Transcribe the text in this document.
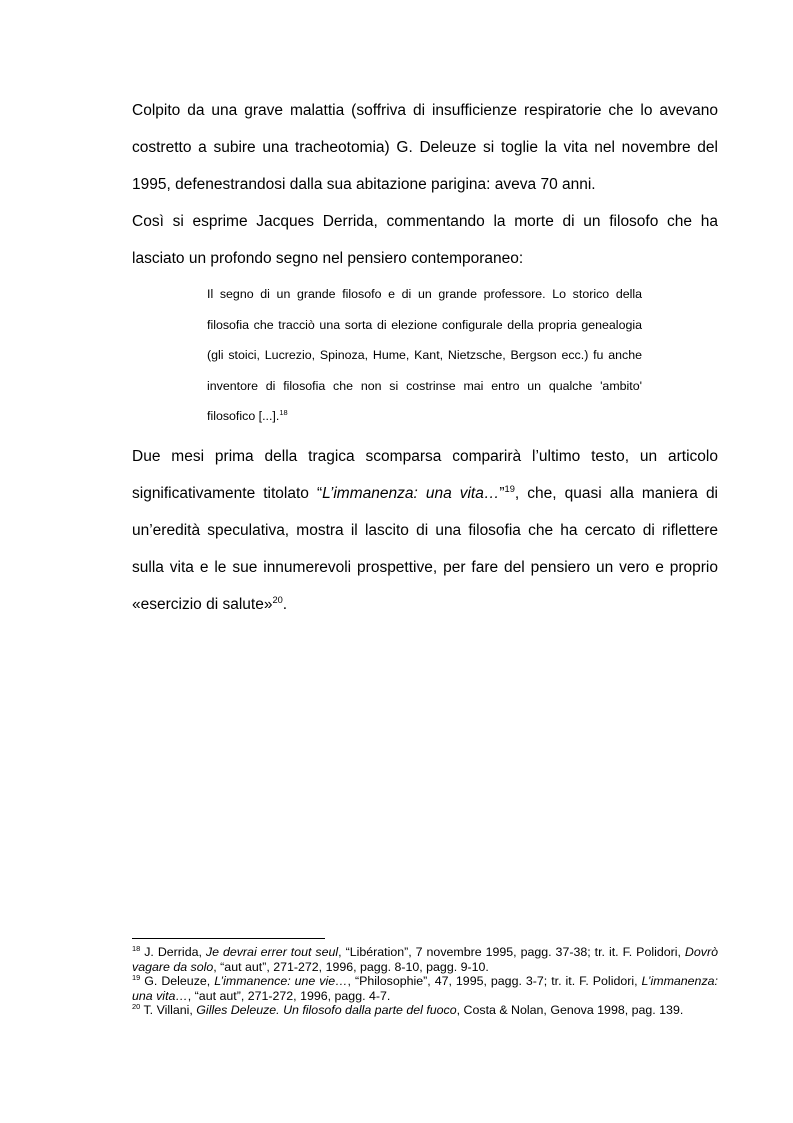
Colpito da una grave malattia (soffriva di insufficienze respiratorie che lo avevano costretto a subire una tracheotomia) G. Deleuze si toglie la vita nel novembre del 1995, defenestrandosi dalla sua abitazione parigina: aveva 70 anni.

Così si esprime Jacques Derrida, commentando la morte di un filosofo che ha lasciato un profondo segno nel pensiero contemporaneo:

Il segno di un grande filosofo e di un grande professore. Lo storico della filosofia che tracciò una sorta di elezione configurale della propria genealogia (gli stoici, Lucrezio, Spinoza, Hume, Kant, Nietzsche, Bergson ecc.) fu anche inventore di filosofia che non si costrinse mai entro un qualche 'ambito' filosofico [...].$^{18}$

Due mesi prima della tragica scomparsa comparirà l’ultimo testo, un articolo significativamente titolato “L’immanenza: una vita…”$^{19}$, che, quasi alla maniera di un’eredità speculativa, mostra il lascito di una filosofia che ha cercato di riflettere sulla vita e le sue innumerevoli prospettive, per fare del pensiero un vero e proprio «esercizio di salute»$^{20}$.

$^{18}$ J. Derrida, Je devrai errer tout seul, “Libération”, 7 novembre 1995, pagg. 37-38; tr. it. F. Polidori, Dovrò vagare da solo, “aut aut”, 271-272, 1996, pagg. 8-10, pagg. 9-10.

$^{19}$ G. Deleuze, L’immanence: une vie…, “Philosophie”, 47, 1995, pagg. 3-7; tr. it. F. Polidori, L’immanenza: una vita…, “aut aut”, 271-272, 1996, pagg. 4-7.

$^{20}$ T. Villani, Gilles Deleuze. Un filosofo dalla parte del fuoco, Costa & Nolan, Genova 1998, pag. 139.
